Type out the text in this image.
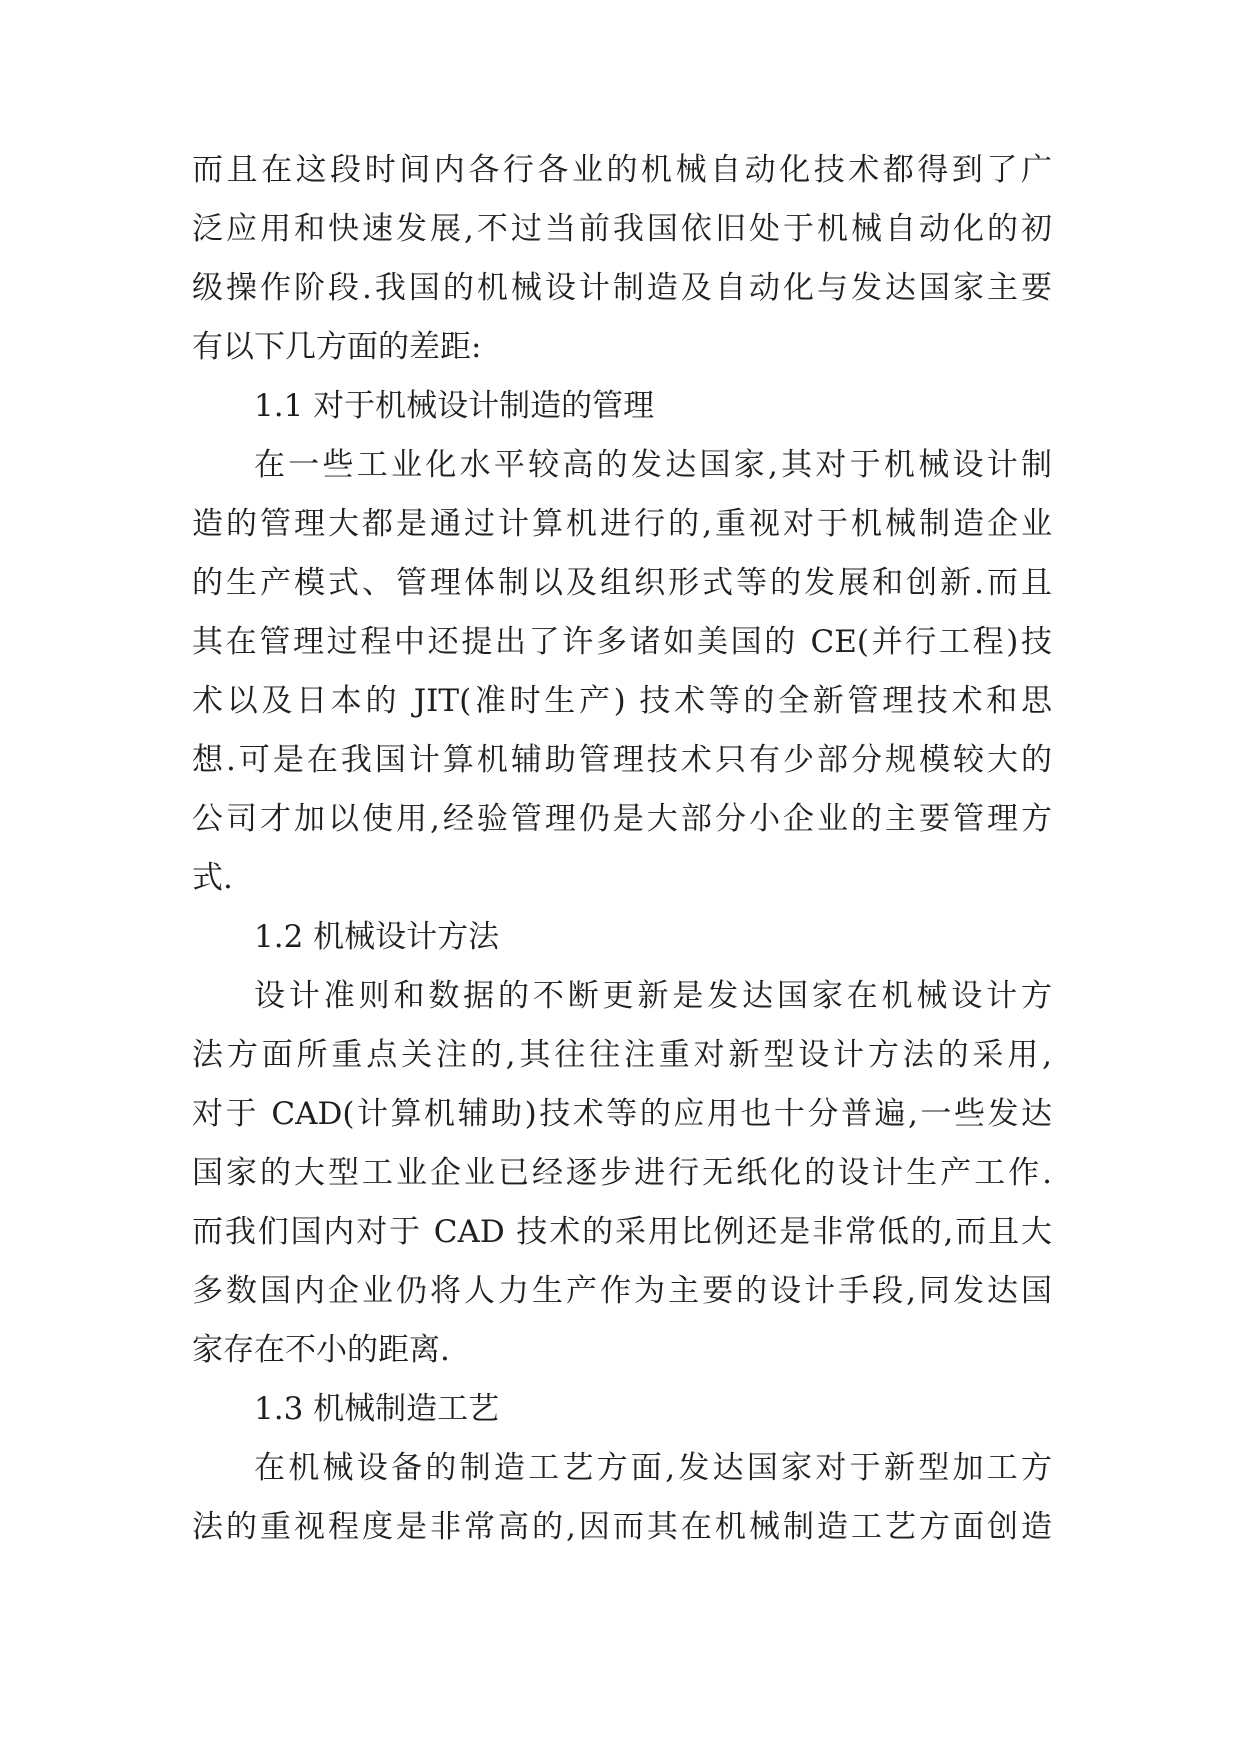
而且在这段时间内各行各业的机械自动化技术都得到了广
泛应用和快速发展,不过当前我国依旧处于机械自动化的初
级操作阶段.我国的机械设计制造及自动化与发达国家主要
有以下几方面的差距:
1.1 对于机械设计制造的管理
在一些工业化水平较高的发达国家,其对于机械设计制
造的管理大都是通过计算机进行的,重视对于机械制造企业
的生产模式、管理体制以及组织形式等的发展和创新.而且
其在管理过程中还提出了许多诸如美国的 CE(并行工程)技
术以及日本的 JIT(准时生产) 技术等的全新管理技术和思
想.可是在我国计算机辅助管理技术只有少部分规模较大的
公司才加以使用,经验管理仍是大部分小企业的主要管理方
式.
1.2 机械设计方法
设计准则和数据的不断更新是发达国家在机械设计方
法方面所重点关注的,其往往注重对新型设计方法的采用,
对于 CAD(计算机辅助)技术等的应用也十分普遍,一些发达
国家的大型工业企业已经逐步进行无纸化的设计生产工作.
而我们国内对于 CAD 技术的采用比例还是非常低的,而且大
多数国内企业仍将人力生产作为主要的设计手段,同发达国
家存在不小的距离.
1.3 机械制造工艺
在机械设备的制造工艺方面,发达国家对于新型加工方
法的重视程度是非常高的,因而其在机械制造工艺方面创造
